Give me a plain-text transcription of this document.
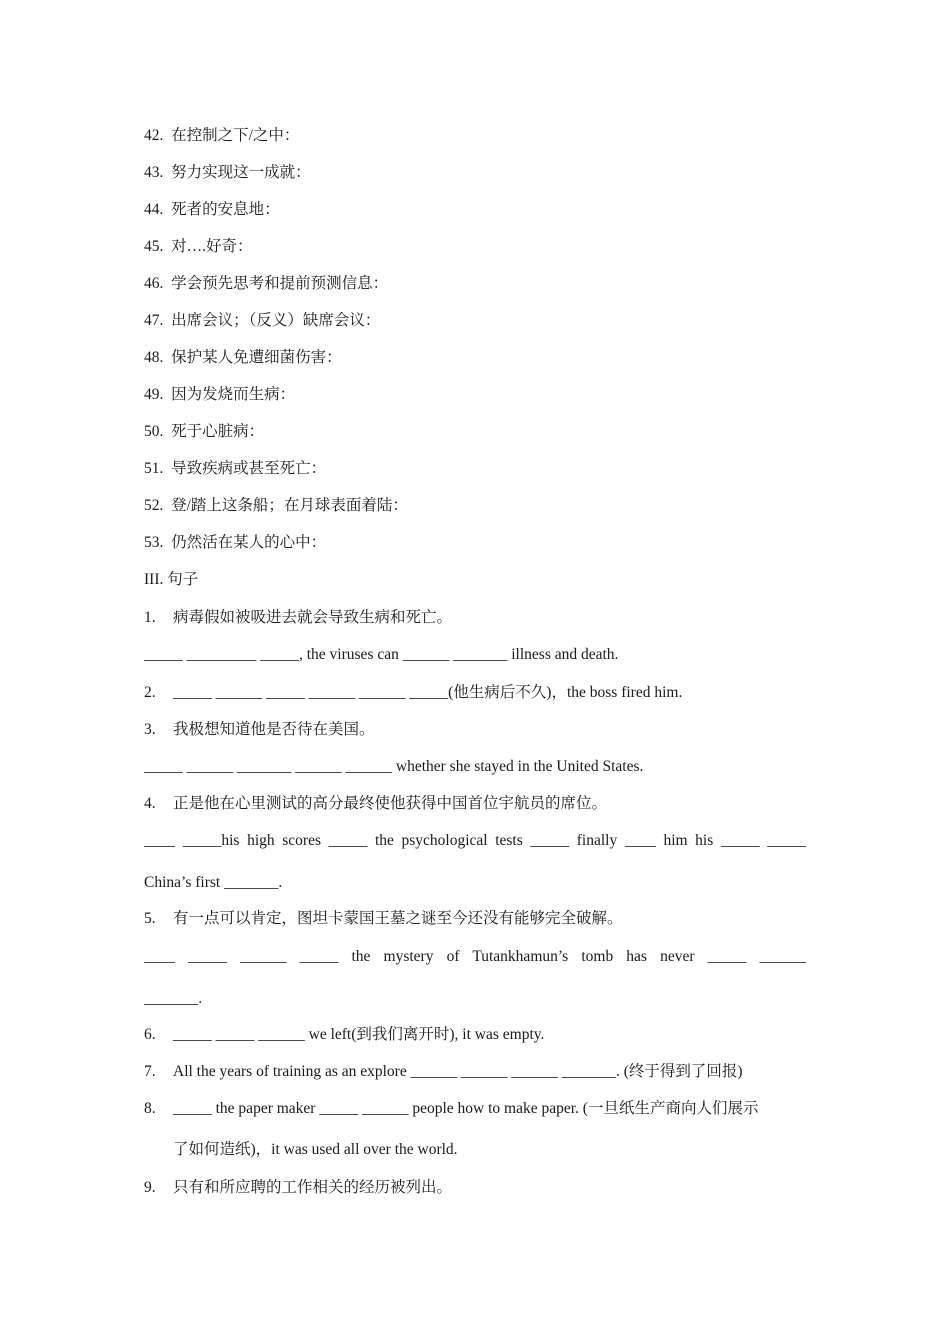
42. 在控制之下/之中：
43. 努力实现这一成就：
44. 死者的安息地：
45. 对….好奇：
46. 学会预先思考和提前预测信息：
47. 出席会议；（反义）缺席会议：
48. 保护某人免遭细菌伤害：
49. 因为发烧而生病：
50. 死于心脏病：
51. 导致疾病或甚至死亡：
52. 登/踏上这条船；在月球表面着陆：
53. 仍然活在某人的心中：
III. 句子
1. 病毒假如被吸进去就会导致生病和死亡。
_____ _________ _____, the viruses can ______ _______ illness and death.
2. _____ ______ _____ ______ ______ _____(他生病后不久)，the boss fired him.
3. 我极想知道他是否待在美国。
_____ ______ _______ ______ ______ whether she stayed in the United States.
4. 正是他在心里测试的高分最终使他获得中国首位宇航员的席位。
____ _____his high scores _____ the psychological tests _____ finally ____ him his _____ _____
China’s first _______.
5. 有一点可以肯定，图坦卡蒙国王墓之谜至今还没有能够完全破解。
____ _____ ______ _____ the mystery of Tutankhamun’s tomb has never _____ ______
_______.
6. _____ _____ ______ we left(到我们离开时), it was empty.
7. All the years of training as an explore ______ ______ ______ _______. (终于得到了回报)
8. _____ the paper maker _____ ______ people how to make paper. (一旦纸生产商向人们展示
了如何造纸)，it was used all over the world.
9. 只有和所应聘的工作相关的经历被列出。
